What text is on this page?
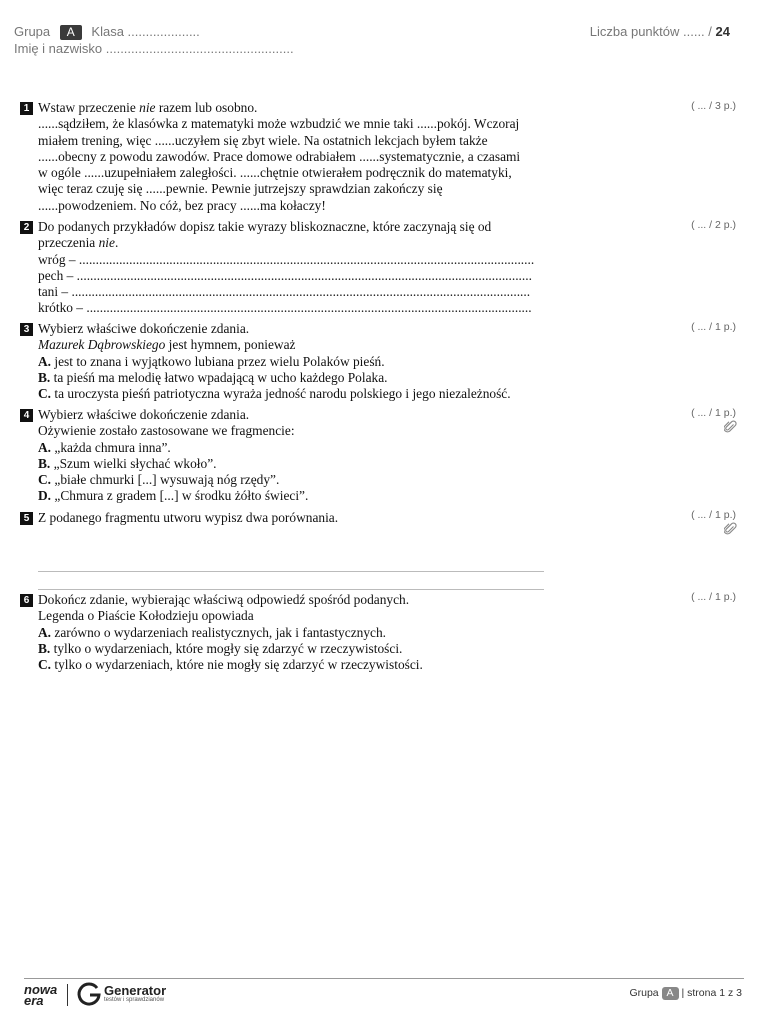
Grupa A Klasa ....................
Imię i nazwisko ....................................................
Liczba punktów ...... / 24
1 Wstaw przeczenie nie razem lub osobno.
......sądziłem, że klasówka z matematyki może wzbudzić we mnie taki ......pokój. Wczoraj
miałem trening, więc ......uczyłem się zbyt wiele. Na ostatnich lekcjach byłem także
......obecny z powodu zawodów. Prace domowe odrabiałem ......systematycznie, a czasami
w ogóle ......uzupełniałem zaległości. ......chętnie otwierałem podręcznik do matematyki,
więc teraz czuję się ......pewnie. Pewnie jutrzejszy sprawdzian zakończy się
......powodzeniem. No cóż, bez pracy ......ma kołaczy!
( ... / 3 p.)
2 Do podanych przykładów dopisz takie wyrazy bliskoznaczne, które zaczynają się od
przeczenia nie.
wróg – ........................................................................................................................................
pech – ........................................................................................................................................
tani – .........................................................................................................................................
krótko – .....................................................................................................................................
( ... / 2 p.)
3 Wybierz właściwe dokończenie zdania.
Mazurek Dąbrowskiego jest hymnem, ponieważ
A. jest to znana i wyjątkowo lubiana przez wielu Polaków pieśń.
B. ta pieśń ma melodię łatwo wpadającą w ucho każdego Polaka.
C. ta uroczysta pieśń patriotyczna wyraża jedność narodu polskiego i jego niezależność.
( ... / 1 p.)
4 Wybierz właściwe dokończenie zdania.
Ożywienie zostało zastosowane we fragmencie:
A. „każda chmura inna”.
B. „Szum wielki słychać wkoło”.
C. „białe chmurki [...] wysuwają nóg rzędy”.
D. „Chmura z gradem [...] w środku żółto świeci”.
( ... / 1 p.)
5 Z podanego fragmentu utworu wypisz dwa porównania.	( ... / 1 p.)
6 Dokończ zdanie, wybierając właściwą odpowiedź spośród podanych.
Legenda o Piaście Kołodzieju opowiada
A. zarówno o wydarzeniach realistycznych, jak i fantastycznych.
B. tylko o wydarzeniach, które mogły się zdarzyć w rzeczywistości.
C. tylko o wydarzeniach, które nie mogły się zdarzyć w rzeczywistości.
( ... / 1 p.)
nowa
era
Generator
testów i sprawdzianów
Grupa A | strona 1 z 3
